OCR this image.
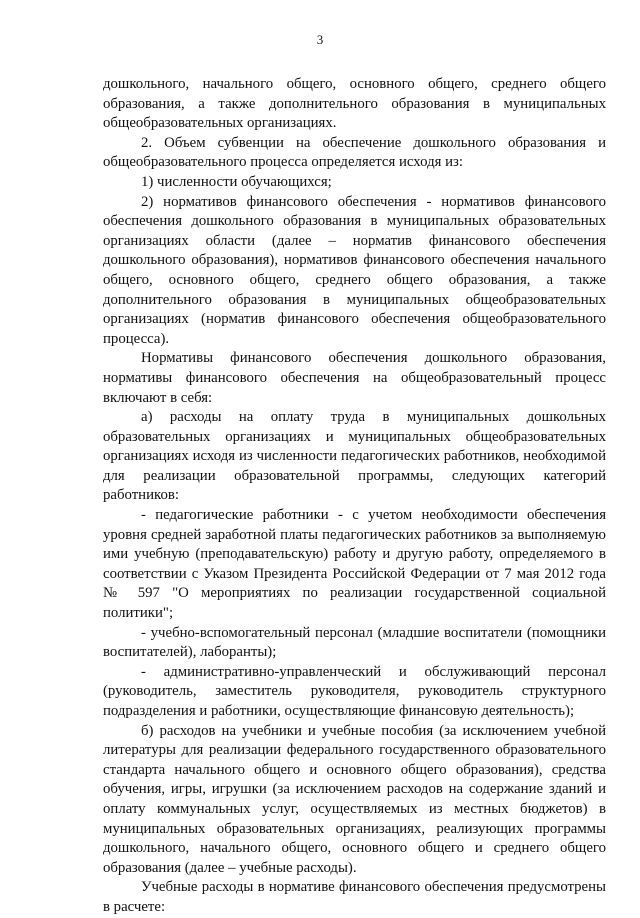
3

дошкольного, начального общего, основного общего, среднего общего образования, а также дополнительного образования в муниципальных общеобразовательных организациях.

2. Объем субвенции на обеспечение дошкольного образования и общеобразовательного процесса определяется исходя из:

1) численности обучающихся;

2) нормативов финансового обеспечения - нормативов финансового обеспечения дошкольного образования в муниципальных образовательных организациях области (далее – норматив финансового обеспечения дошкольного образования), нормативов финансового обеспечения начального общего, основного общего, среднего общего образования, а также дополнительного образования в муниципальных общеобразовательных организациях (норматив финансового обеспечения общеобразовательного процесса).

Нормативы финансового обеспечения дошкольного образования, нормативы финансового обеспечения на общеобразовательный процесс включают в себя:

а) расходы на оплату труда в муниципальных дошкольных образовательных организациях и муниципальных общеобразовательных организациях исходя из численности педагогических работников, необходимой для реализации образовательной программы, следующих категорий работников:

- педагогические работники - с учетом необходимости обеспечения уровня средней заработной платы педагогических работников за выполняемую ими учебную (преподавательскую) работу и другую работу, определяемого в соответствии с Указом Президента Российской Федерации от 7 мая 2012 года № 597 "О мероприятиях по реализации государственной социальной политики";

- учебно-вспомогательный персонал (младшие воспитатели (помощники воспитателей), лаборанты);

- административно-управленческий и обслуживающий персонал (руководитель, заместитель руководителя, руководитель структурного подразделения и работники, осуществляющие финансовую деятельность);

б) расходов на учебники и учебные пособия (за исключением учебной литературы для реализации федерального государственного образовательного стандарта начального общего и основного общего образования), средства обучения, игры, игрушки (за исключением расходов на содержание зданий и оплату коммунальных услуг, осуществляемых из местных бюджетов) в муниципальных образовательных организациях, реализующих программы дошкольного, начального общего, основного общего и среднего общего образования (далее – учебные расходы).

Учебные расходы в нормативе финансового обеспечения предусмотрены в расчете:
